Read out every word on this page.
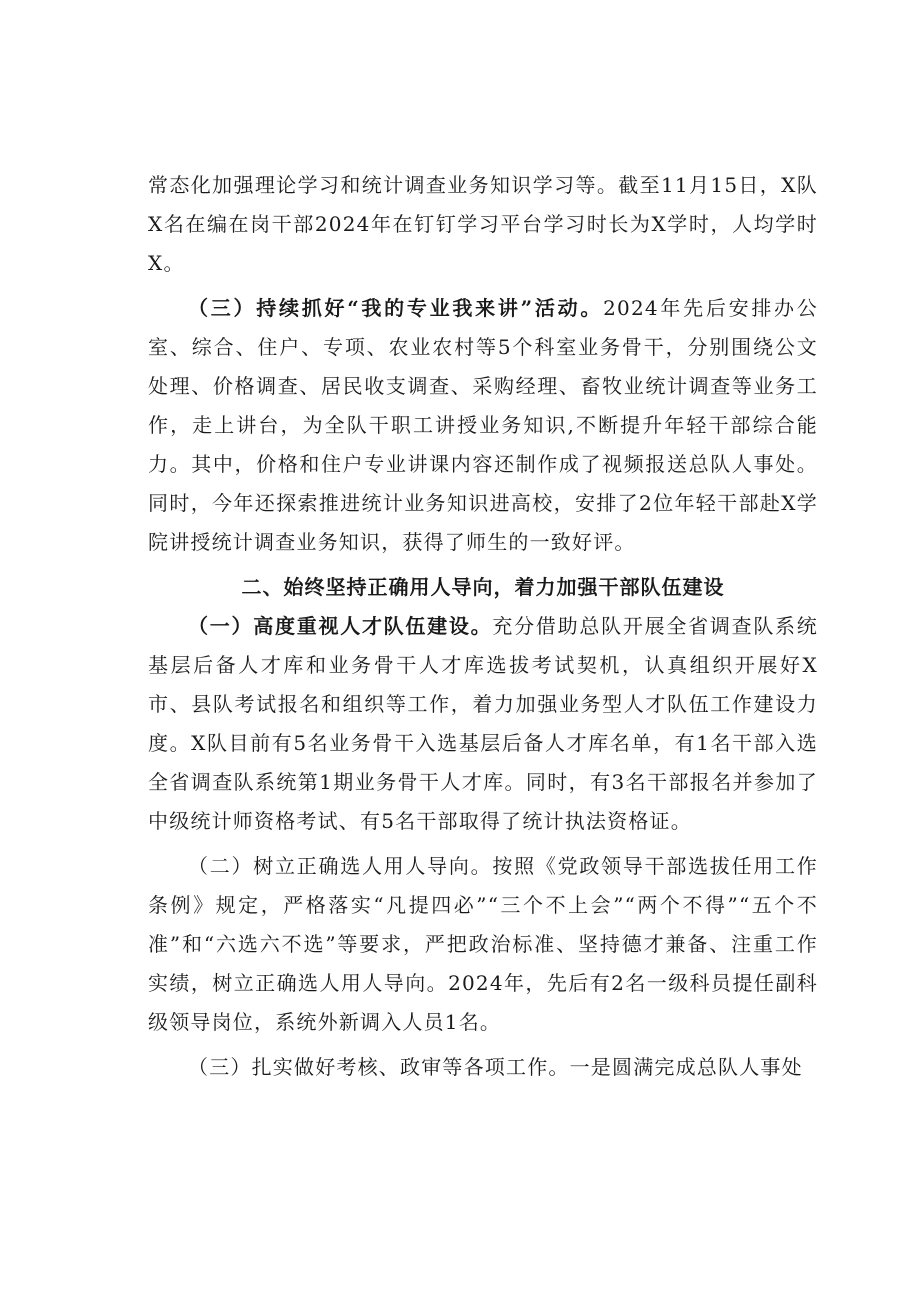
常态化加强理论学习和统计调查业务知识学习等。截至11月15日，X队X名在编在岗干部2024年在钉钉学习平台学习时长为X学时，人均学时X。

（三）持续抓好“我的专业我来讲”活动。2024年先后安排办公室、综合、住户、专项、农业农村等5个科室业务骨干，分别围绕公文处理、价格调查、居民收支调查、采购经理、畜牧业统计调查等业务工作，走上讲台，为全队干职工讲授业务知识,不断提升年轻干部综合能力。其中，价格和住户专业讲课内容还制作成了视频报送总队人事处。同时，今年还探索推进统计业务知识进高校，安排了2位年轻干部赴X学院讲授统计调查业务知识，获得了师生的一致好评。

二、始终坚持正确用人导向，着力加强干部队伍建设

（一）高度重视人才队伍建设。充分借助总队开展全省调查队系统基层后备人才库和业务骨干人才库选拔考试契机，认真组织开展好X市、县队考试报名和组织等工作，着力加强业务型人才队伍工作建设力度。X队目前有5名业务骨干入选基层后备人才库名单，有1名干部入选全省调查队系统第1期业务骨干人才库。同时，有3名干部报名并参加了中级统计师资格考试、有5名干部取得了统计执法资格证。

（二）树立正确选人用人导向。按照《党政领导干部选拔任用工作条例》规定，严格落实“凡提四必”“三个不上会”“两个不得”“五个不准”和“六选六不选”等要求，严把政治标准、坚持德才兼备、注重工作实绩，树立正确选人用人导向。2024年，先后有2名一级科员提任副科级领导岗位，系统外新调入人员1名。

（三）扎实做好考核、政审等各项工作。一是圆满完成总队人事处
